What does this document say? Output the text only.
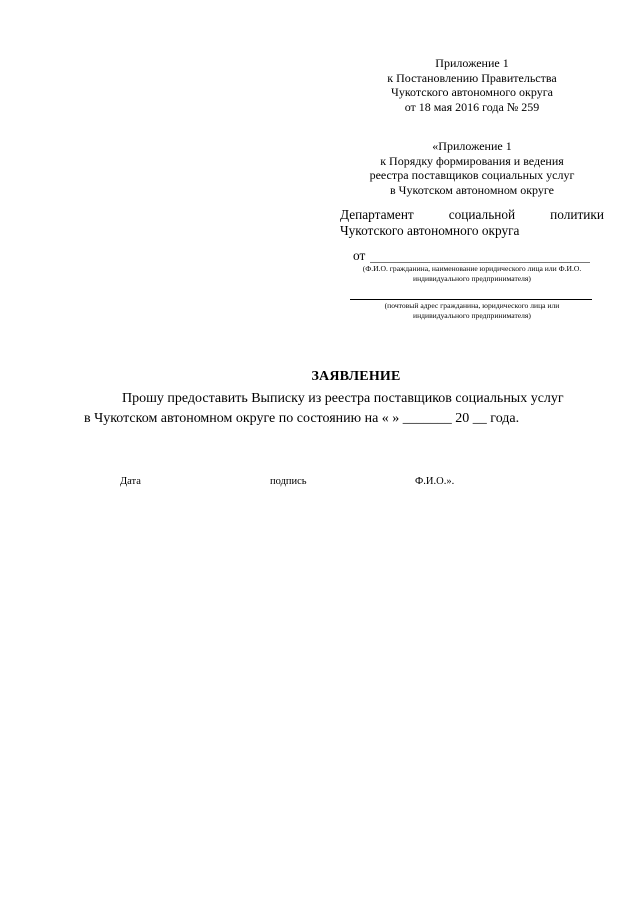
Приложение 1
к Постановлению Правительства
Чукотского автономного округа
от 18 мая 2016 года № 259
«Приложение 1
к Порядку формирования и ведения
реестра поставщиков социальных услуг
в Чукотском автономном округе
Департамент социальной политики
Чукотского автономного округа
от
(Ф.И.О. гражданина, наименование юридического лица или Ф.И.О.
индивидуального предпринимателя)
(почтовый адрес гражданина, юридического лица или
индивидуального предпринимателя)
ЗАЯВЛЕНИЕ
Прошу предоставить Выписку из реестра поставщиков социальных услуг
в Чукотском автономном округе по состоянию на « » _______ 20 __ года.
Дата	подпись	Ф.И.О.».
